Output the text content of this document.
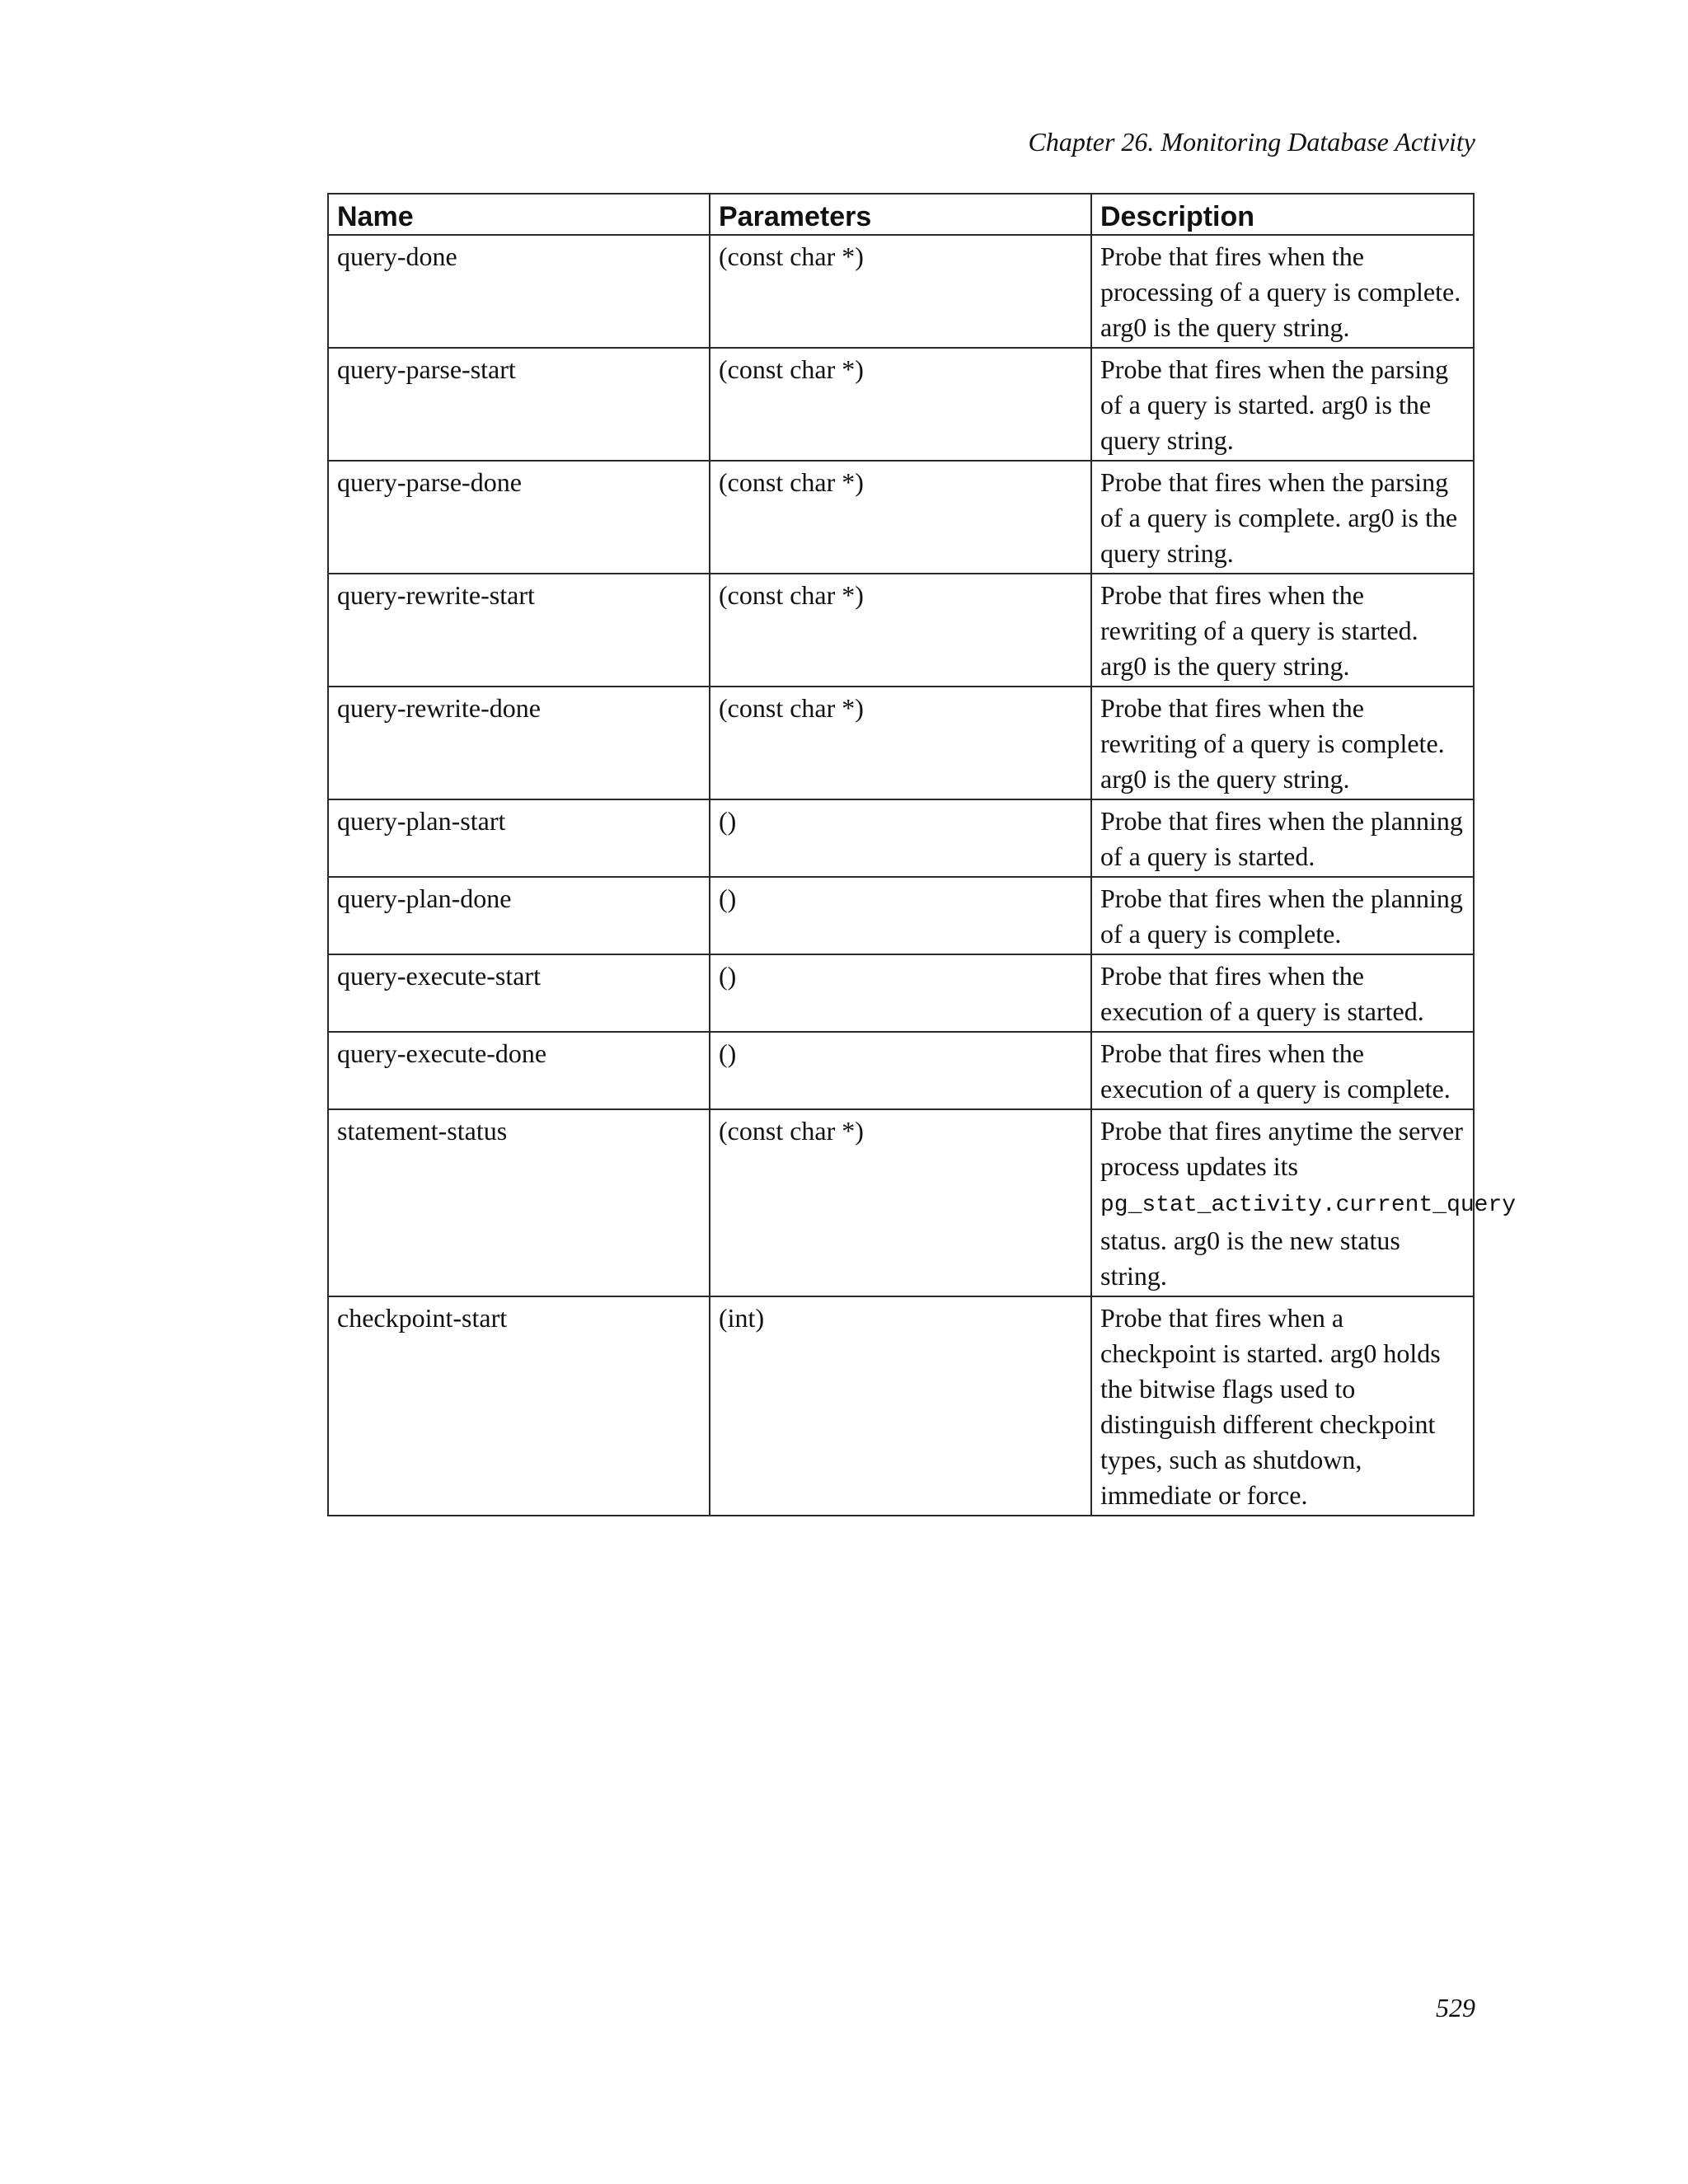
Chapter 26. Monitoring Database Activity
Name	Parameters	Description
query-done	(const char *)	Probe that fires when the processing of a query is complete. arg0 is the query string.
query-parse-start	(const char *)	Probe that fires when the parsing of a query is started. arg0 is the query string.
query-parse-done	(const char *)	Probe that fires when the parsing of a query is complete. arg0 is the query string.
query-rewrite-start	(const char *)	Probe that fires when the rewriting of a query is started. arg0 is the query string.
query-rewrite-done	(const char *)	Probe that fires when the rewriting of a query is complete. arg0 is the query string.
query-plan-start	()	Probe that fires when the planning of a query is started.
query-plan-done	()	Probe that fires when the planning of a query is complete.
query-execute-start	()	Probe that fires when the execution of a query is started.
query-execute-done	()	Probe that fires when the execution of a query is complete.
statement-status	(const char *)	Probe that fires anytime the server process updates its
pg_stat_activity.current_query
status. arg0 is the new status string.
checkpoint-start	(int)	Probe that fires when a checkpoint is started. arg0 holds the bitwise flags used to distinguish different checkpoint types, such as shutdown, immediate or force.
529
